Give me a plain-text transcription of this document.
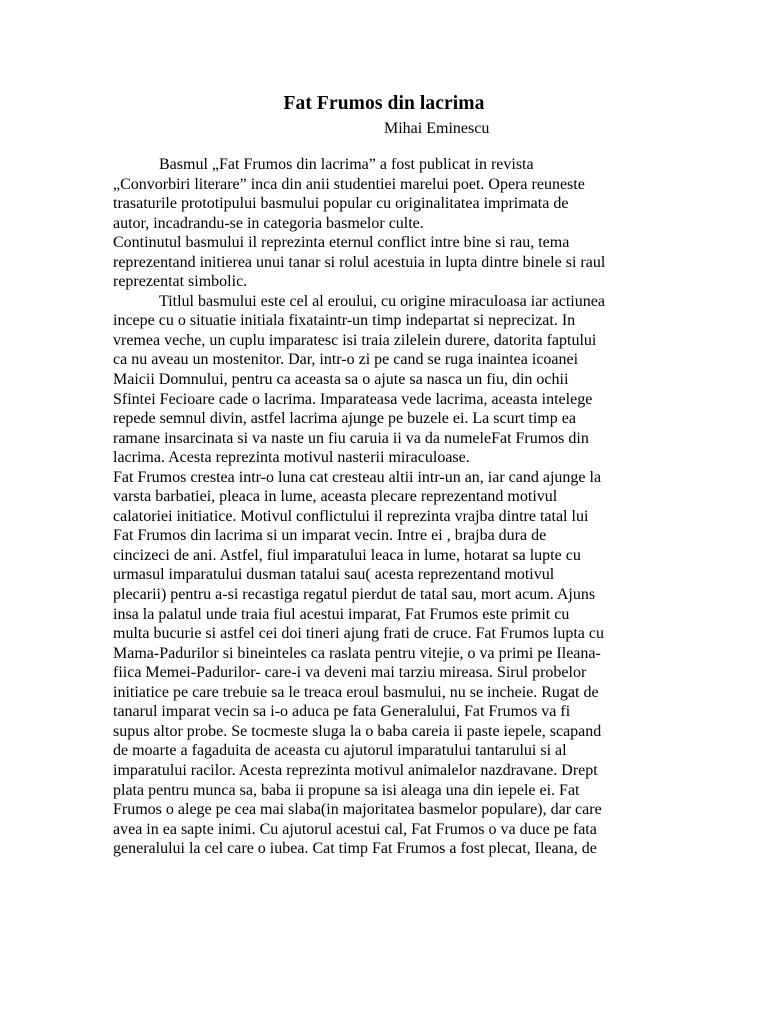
Fat Frumos din lacrima
Mihai Eminescu
Basmul „Fat Frumos din lacrima” a fost publicat in revista
„Convorbiri literare” inca din anii studentiei marelui poet. Opera reuneste
trasaturile prototipului basmului popular cu originalitatea imprimata de
autor, incadrandu-se in categoria basmelor culte.
Continutul basmului il reprezinta eternul conflict intre bine si rau, tema
reprezentand initierea unui tanar si rolul acestuia in lupta dintre binele si raul
reprezentat simbolic.
Titlul basmului este cel al eroului, cu origine miraculoasa iar actiunea
incepe cu o situatie initiala fixataintr-un timp indepartat si neprecizat. In
vremea veche, un cuplu imparatesc isi traia zilelein durere, datorita faptului
ca nu aveau un mostenitor. Dar, intr-o zi pe cand se ruga inaintea icoanei
Maicii Domnului, pentru ca aceasta sa o ajute sa nasca un fiu, din ochii
Sfintei Fecioare cade o lacrima. Imparateasa vede lacrima, aceasta intelege
repede semnul divin, astfel lacrima ajunge pe buzele ei. La scurt timp ea
ramane insarcinata si va naste un fiu caruia ii va da numeleFat Frumos din
lacrima. Acesta reprezinta motivul nasterii miraculoase.
Fat Frumos crestea intr-o luna cat cresteau altii intr-un an, iar cand ajunge la
varsta barbatiei, pleaca in lume, aceasta plecare reprezentand motivul
calatoriei initiatice. Motivul conflictului il reprezinta vrajba dintre tatal lui
Fat Frumos din lacrima si un imparat vecin. Intre ei , brajba dura de
cincizeci de ani. Astfel, fiul imparatului leaca in lume, hotarat sa lupte cu
urmasul imparatului dusman tatalui sau( acesta reprezentand motivul
plecarii) pentru a-si recastiga regatul pierdut de tatal sau, mort acum. Ajuns
insa la palatul unde traia fiul acestui imparat, Fat Frumos este primit cu
multa bucurie si astfel cei doi tineri ajung frati de cruce. Fat Frumos lupta cu
Mama-Padurilor si bineinteles ca raslata pentru vitejie, o va primi pe Ileana-
fiica Memei-Padurilor- care-i va deveni mai tarziu mireasa. Sirul probelor
initiatice pe care trebuie sa le treaca eroul basmului, nu se incheie. Rugat de
tanarul imparat vecin sa i-o aduca pe fata Generalului, Fat Frumos va fi
supus altor probe. Se tocmeste sluga la o baba careia ii paste iepele, scapand
de moarte a fagaduita de aceasta cu ajutorul imparatului tantarului si al
imparatului racilor. Acesta reprezinta motivul animalelor nazdravane. Drept
plata pentru munca sa, baba ii propune sa isi aleaga una din iepele ei. Fat
Frumos o alege pe cea mai slaba(in majoritatea basmelor populare), dar care
avea in ea sapte inimi. Cu ajutorul acestui cal, Fat Frumos o va duce pe fata
generalului la cel care o iubea. Cat timp Fat Frumos a fost plecat, Ileana, de
